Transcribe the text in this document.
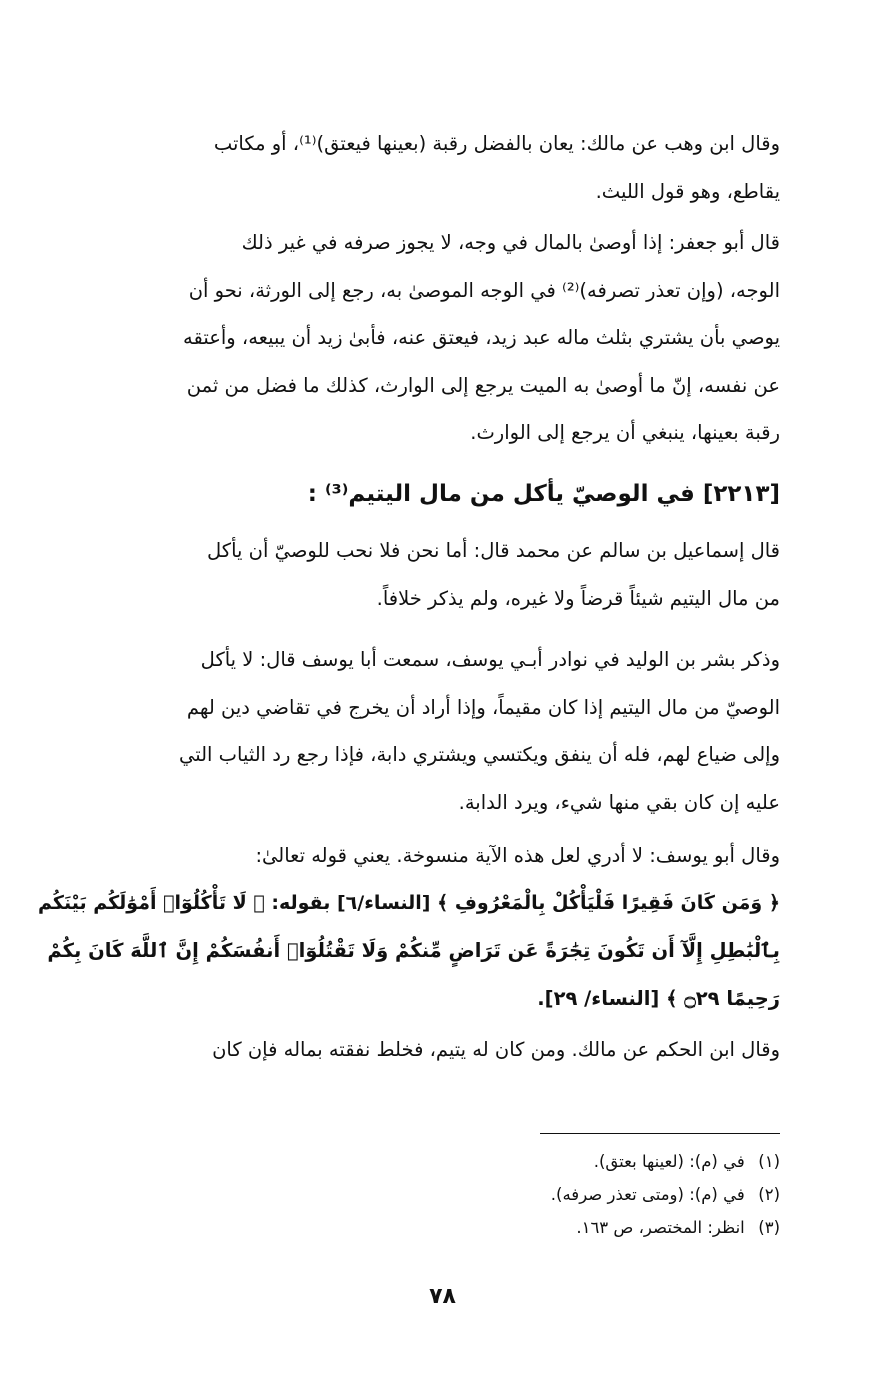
وقال ابن وهب عن مالك: يعان بالفضل رقبة (بعينها فيعتق)⁽¹⁾، أو مكاتب
يقاطع، وهو قول الليث.
قال أبو جعفر: إذا أوصىٰ بالمال في وجه، لا يجوز صرفه في غير ذلك
الوجه، (وإن تعذر تصرفه)⁽²⁾ في الوجه الموصىٰ به، رجع إلى الورثة، نحو أن
يوصي بأن يشتري بثلث ماله عبد زيد، فيعتق عنه، فأبىٰ زيد أن يبيعه، وأعتقه
عن نفسه، إنّ ما أوصىٰ به الميت يرجع إلى الوارث، كذلك ما فضل من ثمن
رقبة بعينها، ينبغي أن يرجع إلى الوارث.
[٢٢١٣] في الوصيّ يأكل من مال اليتيم⁽³⁾ :
قال إسماعيل بن سالم عن محمد قال: أما نحن فلا نحب للوصيّ أن يأكل
من مال اليتيم شيئاً قرضاً ولا غيره، ولم يذكر خلافاً.
وذكر بشر بن الوليد في نوادر أبـي يوسف، سمعت أبا يوسف قال: لا يأكل
الوصيّ من مال اليتيم إذا كان مقيماً، وإذا أراد أن يخرج في تقاضي دين لهم
وإلى ضياع لهم، فله أن ينفق ويكتسي ويشتري دابة، فإذا رجع رد الثياب التي
عليه إن كان بقي منها شيء، ويرد الدابة.
وقال أبو يوسف: لا أدري لعل هذه الآية منسوخة. يعني قوله تعالىٰ:
﴿ وَمَن كَانَ فَقِيرًا فَلْيَأْكُلْ بِالْمَعْرُوفِ ﴾ [النساء/٦] بقوله: ﴿ لَا تَأْكُلُوٓا۟ أَمْوَٰلَكُم بَيْنَكُم
بِٱلْبَٰطِلِ إِلَّآ أَن تَكُونَ تِجَٰرَةً عَن تَرَاضٍ مِّنكُمْ وَلَا تَقْتُلُوٓا۟ أَنفُسَكُمْ إِنَّ ٱللَّهَ كَانَ بِكُمْ
رَحِيمًا ۝٢٩ ﴾ [النساء/ ٢٩].
وقال ابن الحكم عن مالك. ومن كان له يتيم، فخلط نفقته بماله فإن كان
(١) في (م): (لعينها بعتق).
(٢) في (م): (ومتى تعذر صرفه).
(٣) انظر: المختصر، ص ١٦٣.
٧٨
